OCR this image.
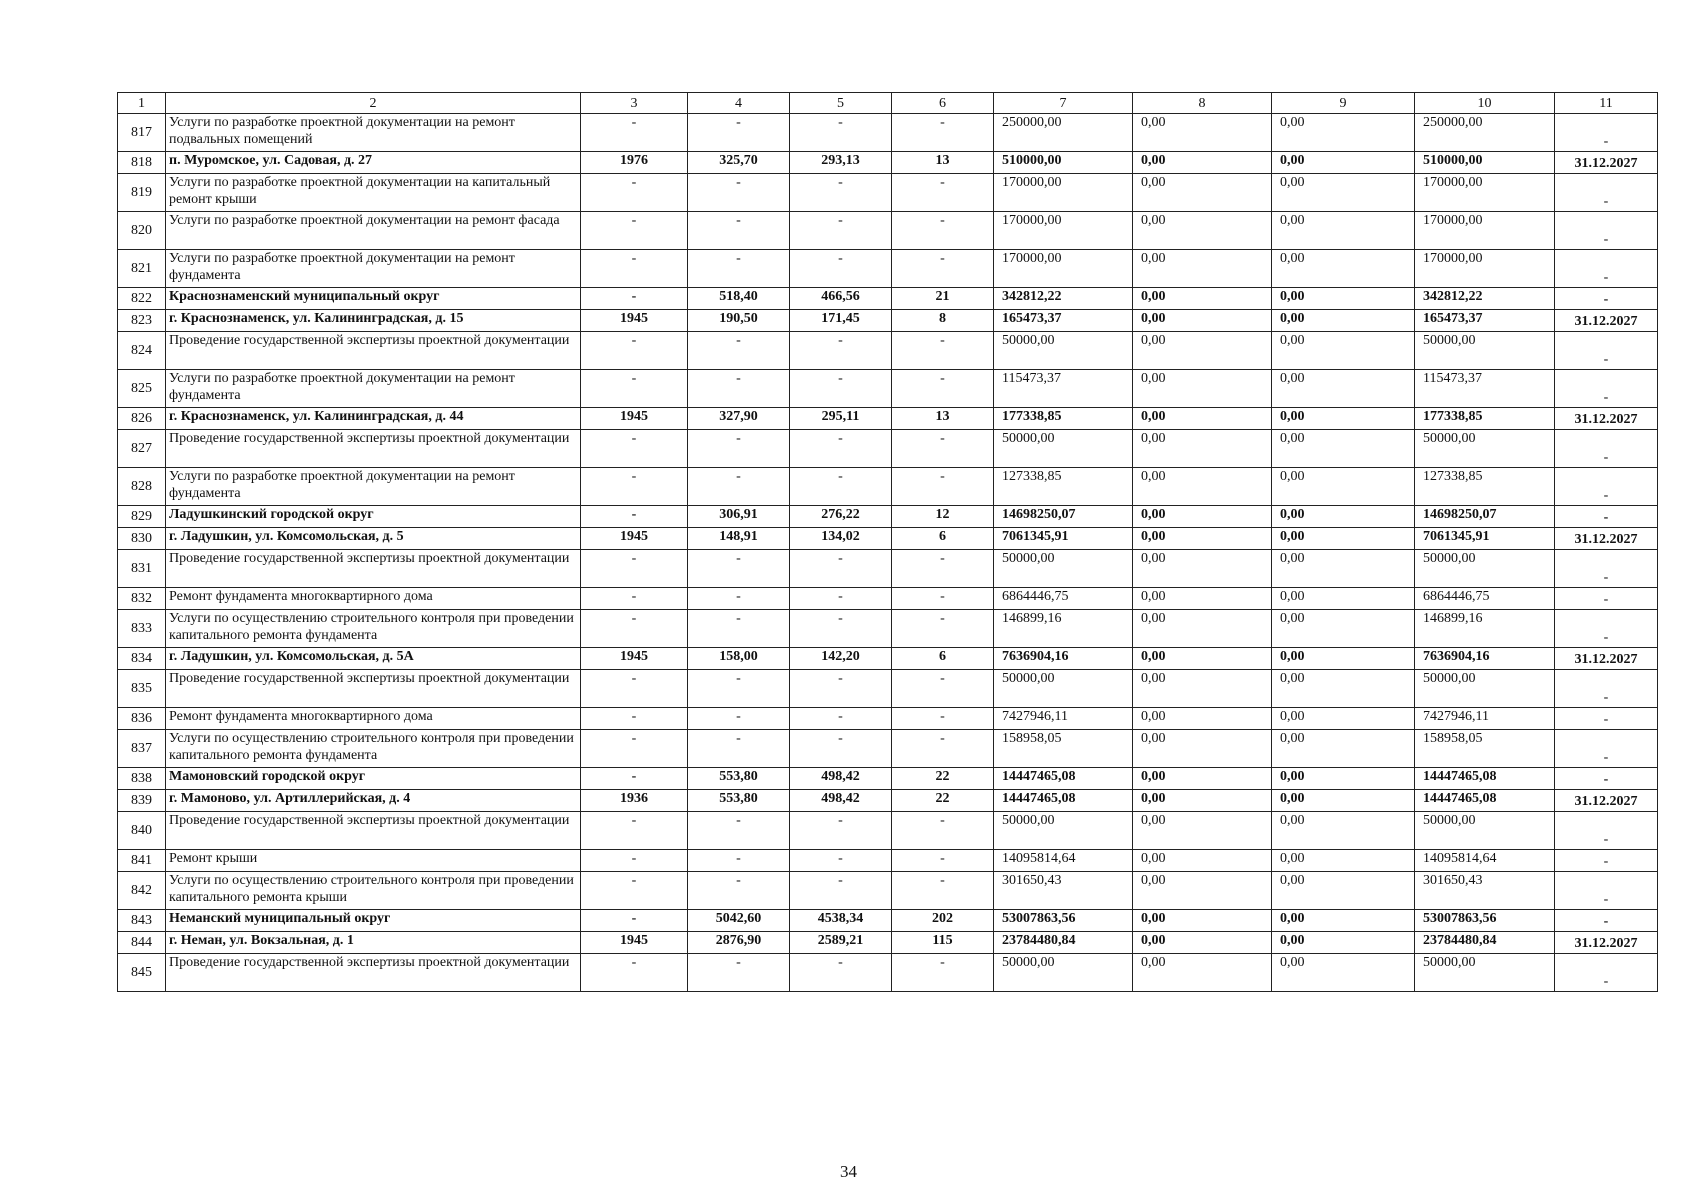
1	2	3	4	5	6	7	8	9	10	11
817	Услуги по разработке проектной документации на ремонт подвальных помещений	-	-	-	-	250000,00	0,00	0,00	250000,00	-
818	п. Муромское, ул. Садовая, д. 27	1976	325,70	293,13	13	510000,00	0,00	0,00	510000,00	31.12.2027
819	Услуги по разработке проектной документации на капитальный ремонт крыши	-	-	-	-	170000,00	0,00	0,00	170000,00	-
820	Услуги по разработке проектной документации на ремонт фасада	-	-	-	-	170000,00	0,00	0,00	170000,00	-
821	Услуги по разработке проектной документации на ремонт фундамента	-	-	-	-	170000,00	0,00	0,00	170000,00	-
822	Краснознаменский муниципальный округ	-	518,40	466,56	21	342812,22	0,00	0,00	342812,22	-
823	г. Краснознаменск, ул. Калининградская, д. 15	1945	190,50	171,45	8	165473,37	0,00	0,00	165473,37	31.12.2027
824	Проведение государственной экспертизы проектной документации	-	-	-	-	50000,00	0,00	0,00	50000,00	-
825	Услуги по разработке проектной документации на ремонт фундамента	-	-	-	-	115473,37	0,00	0,00	115473,37	-
826	г. Краснознаменск, ул. Калининградская, д. 44	1945	327,90	295,11	13	177338,85	0,00	0,00	177338,85	31.12.2027
827	Проведение государственной экспертизы проектной документации	-	-	-	-	50000,00	0,00	0,00	50000,00	-
828	Услуги по разработке проектной документации на ремонт фундамента	-	-	-	-	127338,85	0,00	0,00	127338,85	-
829	Ладушкинский городской округ	-	306,91	276,22	12	14698250,07	0,00	0,00	14698250,07	-
830	г. Ладушкин, ул. Комсомольская, д. 5	1945	148,91	134,02	6	7061345,91	0,00	0,00	7061345,91	31.12.2027
831	Проведение государственной экспертизы проектной документации	-	-	-	-	50000,00	0,00	0,00	50000,00	-
832	Ремонт фундамента многоквартирного дома	-	-	-	-	6864446,75	0,00	0,00	6864446,75	-
833	Услуги по осуществлению строительного контроля при проведении капитального ремонта фундамента	-	-	-	-	146899,16	0,00	0,00	146899,16	-
834	г. Ладушкин, ул. Комсомольская, д. 5А	1945	158,00	142,20	6	7636904,16	0,00	0,00	7636904,16	31.12.2027
835	Проведение государственной экспертизы проектной документации	-	-	-	-	50000,00	0,00	0,00	50000,00	-
836	Ремонт фундамента многоквартирного дома	-	-	-	-	7427946,11	0,00	0,00	7427946,11	-
837	Услуги по осуществлению строительного контроля при проведении капитального ремонта фундамента	-	-	-	-	158958,05	0,00	0,00	158958,05	-
838	Мамоновский городской округ	-	553,80	498,42	22	14447465,08	0,00	0,00	14447465,08	-
839	г. Мамоново, ул. Артиллерийская, д. 4	1936	553,80	498,42	22	14447465,08	0,00	0,00	14447465,08	31.12.2027
840	Проведение государственной экспертизы проектной документации	-	-	-	-	50000,00	0,00	0,00	50000,00	-
841	Ремонт крыши	-	-	-	-	14095814,64	0,00	0,00	14095814,64	-
842	Услуги по осуществлению строительного контроля при проведении капитального ремонта крыши	-	-	-	-	301650,43	0,00	0,00	301650,43	-
843	Неманский муниципальный округ	-	5042,60	4538,34	202	53007863,56	0,00	0,00	53007863,56	-
844	г. Неман, ул. Вокзальная, д. 1	1945	2876,90	2589,21	115	23784480,84	0,00	0,00	23784480,84	31.12.2027
845	Проведение государственной экспертизы проектной документации	-	-	-	-	50000,00	0,00	0,00	50000,00	-
34
